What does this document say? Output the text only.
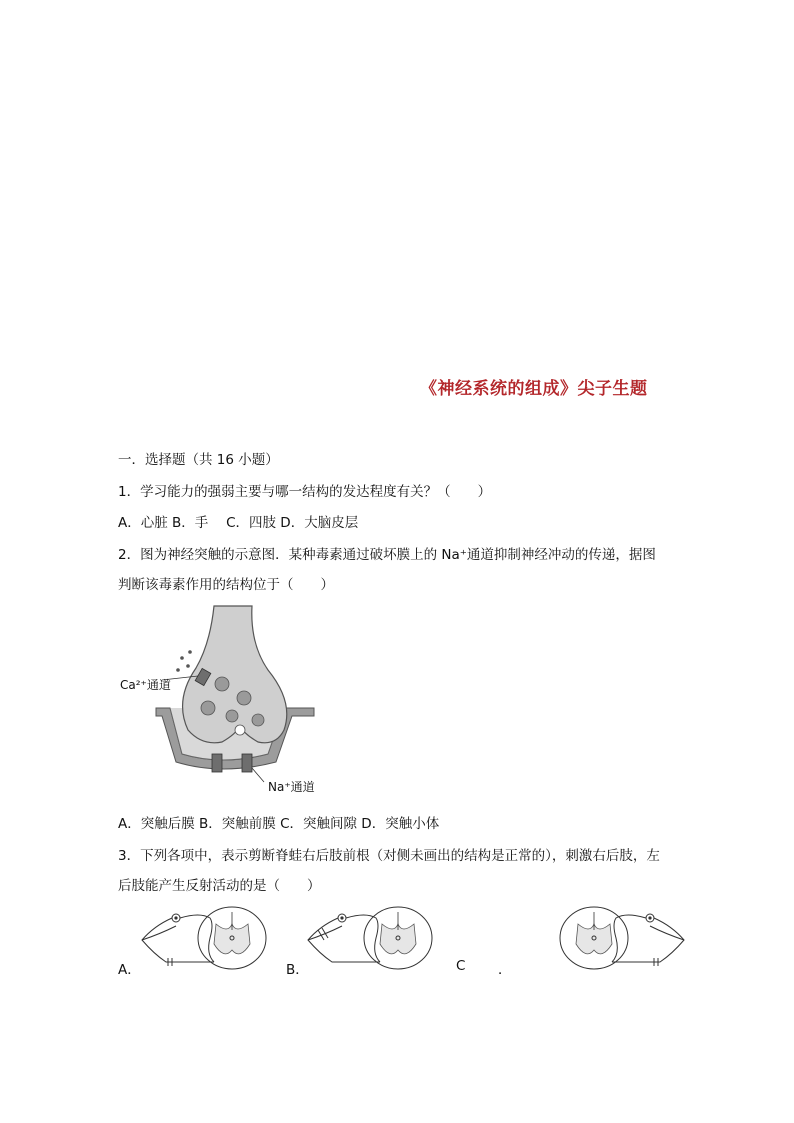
《神经系统的组成》尖子生题
一．选择题（共 16 小题）
1．学习能力的强弱主要与哪一结构的发达程度有关？（　　）
A．心脏 B．手　 C．四肢 D．大脑皮层
2．图为神经突触的示意图．某种毒素通过破坏膜上的 Na⁺通道抑制神经冲动的传递，据图
判断该毒素作用的结构位于（　　）
Ca²⁺通道
Na⁺通道
A．突触后膜 B．突触前膜 C．突触间隙 D．突触小体
3．下列各项中，表示剪断脊蛙右后肢前根（对侧未画出的结构是正常的），刺激右后肢，左
后肢能产生反射活动的是（　　）
A．	B．	C ．
